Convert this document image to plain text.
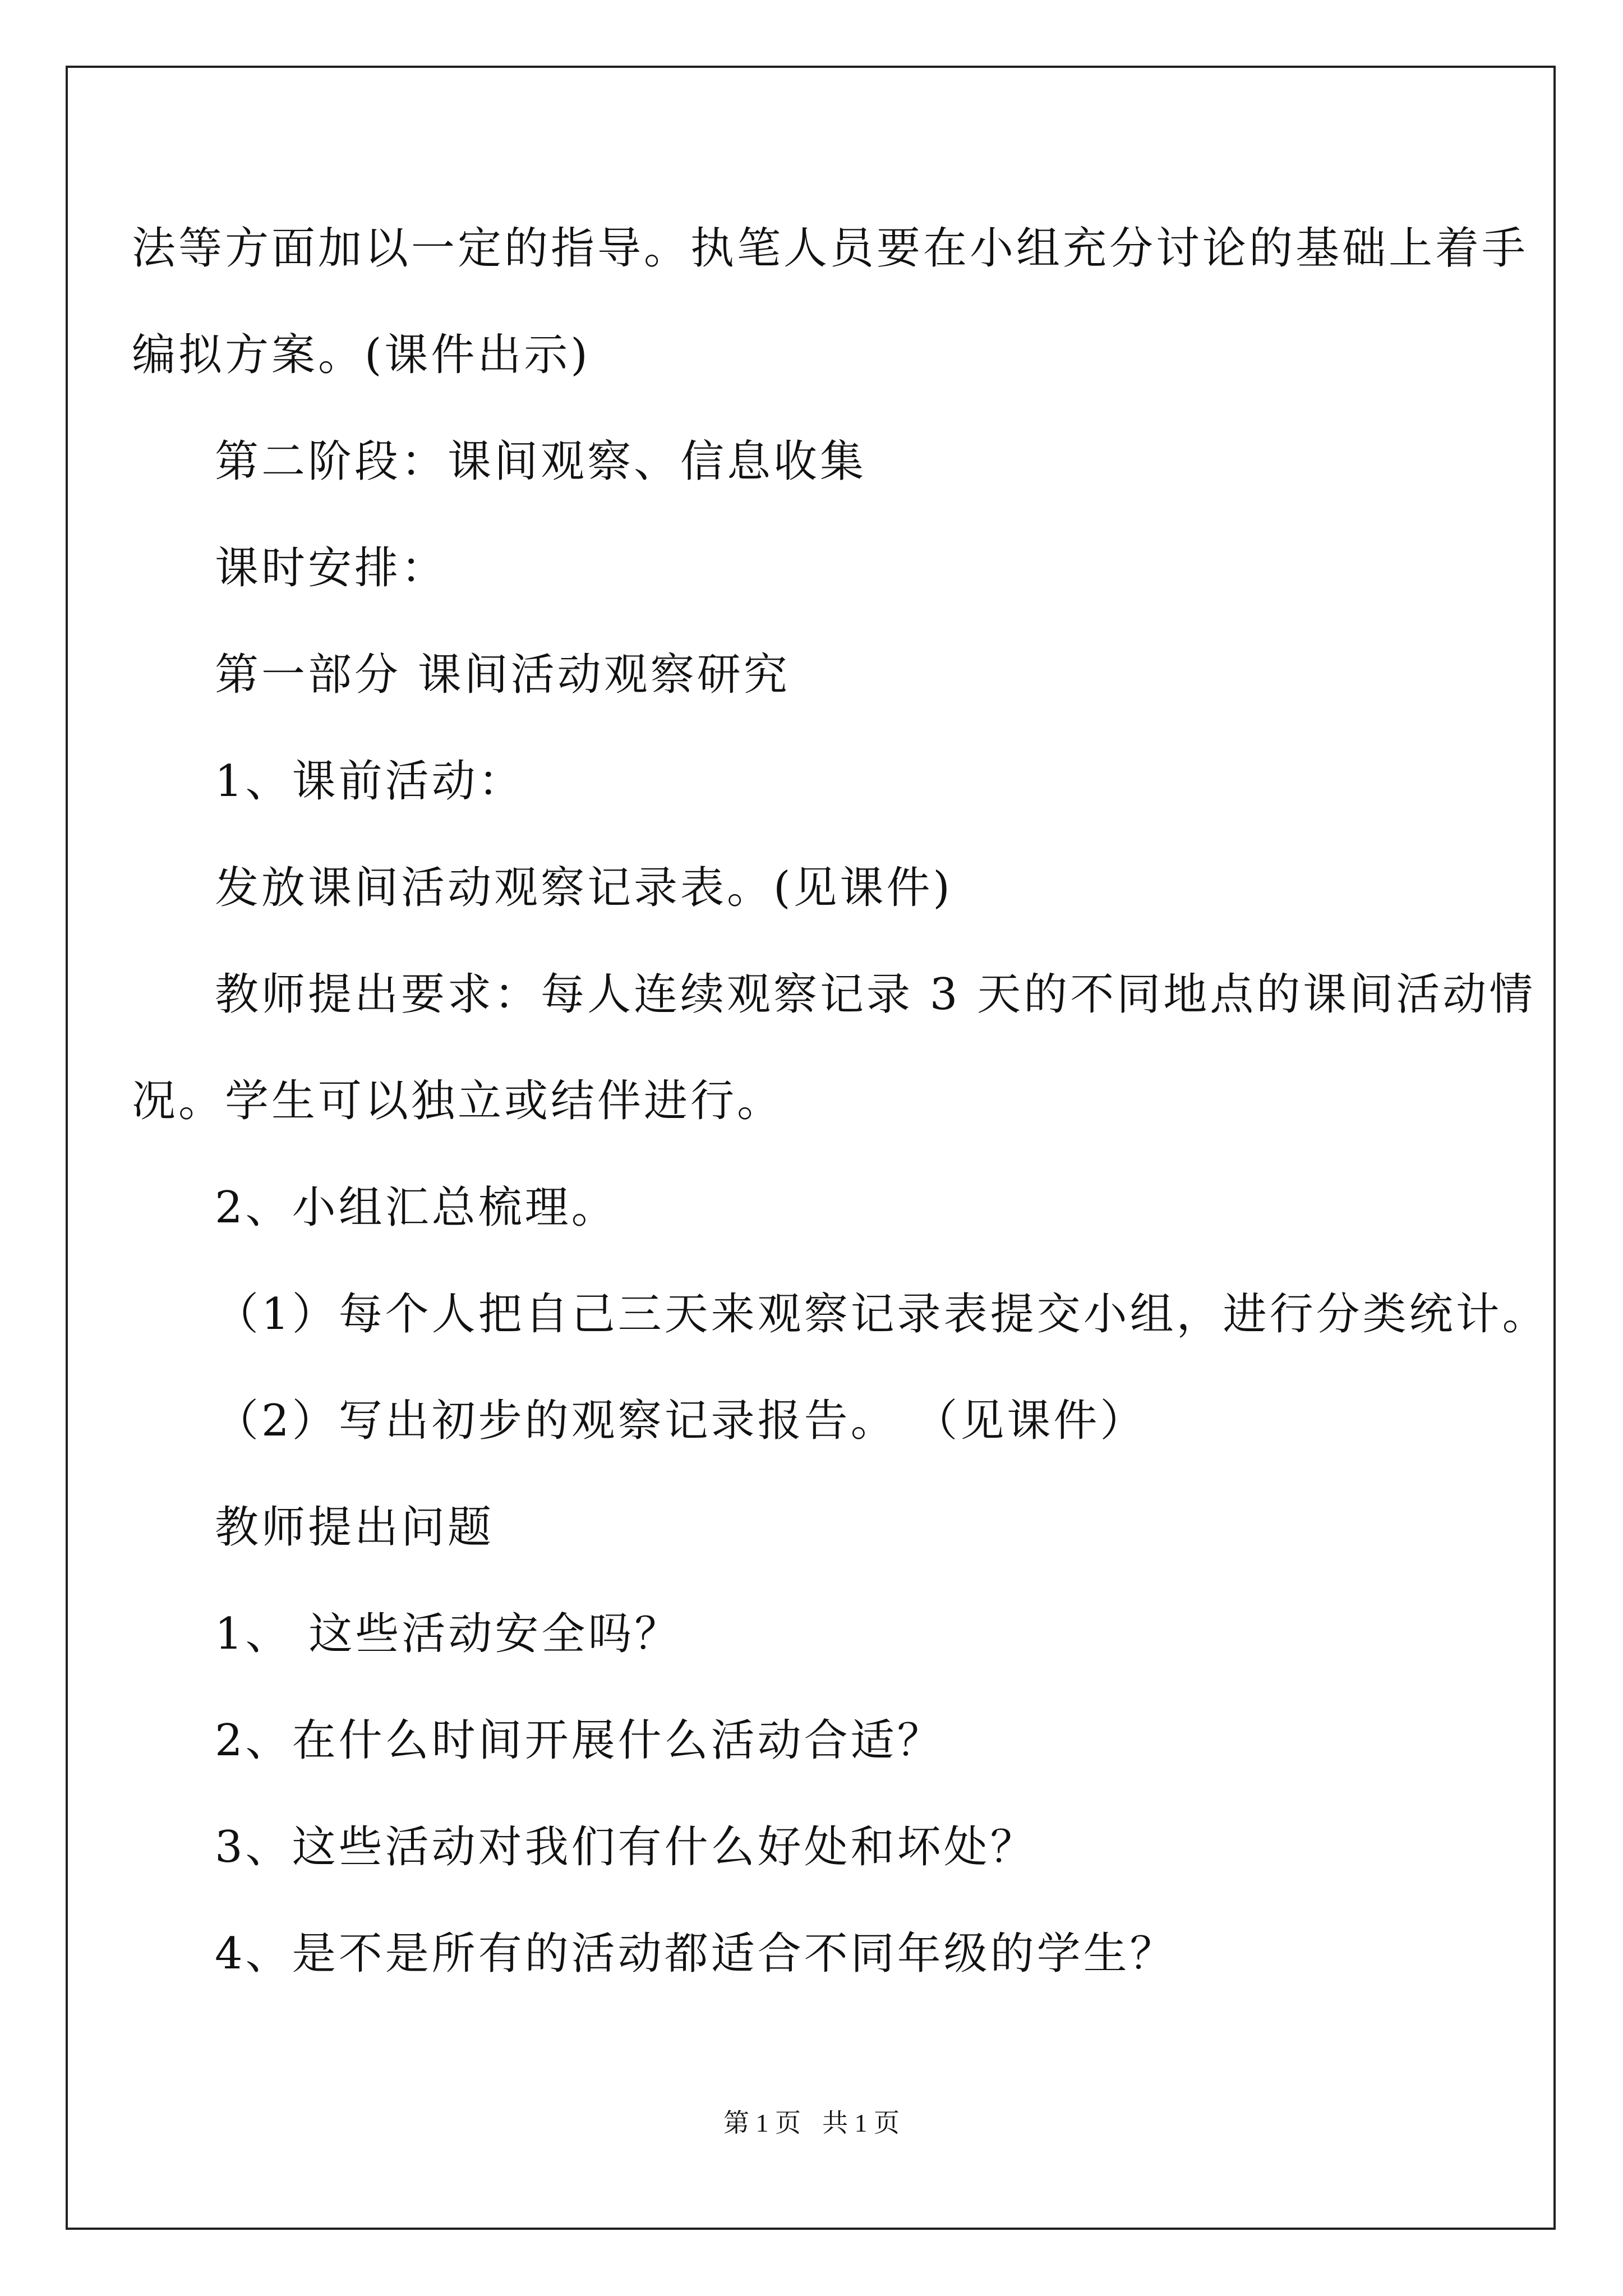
法等方面加以一定的指导。执笔人员要在小组充分讨论的基础上着手
编拟方案。(课件出示)
第二阶段：课间观察、信息收集
课时安排：
第一部分 课间活动观察研究
1、课前活动：
发放课间活动观察记录表。(见课件)
教师提出要求：每人连续观察记录 3 天的不同地点的课间活动情
况。学生可以独立或结伴进行。
2、小组汇总梳理。
（1）每个人把自己三天来观察记录表提交小组，进行分类统计。
（2）写出初步的观察记录报告。 （见课件）
教师提出问题
1、 这些活动安全吗？
2、在什么时间开展什么活动合适？
3、这些活动对我们有什么好处和坏处？
4、是不是所有的活动都适合不同年级的学生？
第 1 页 共 1 页
